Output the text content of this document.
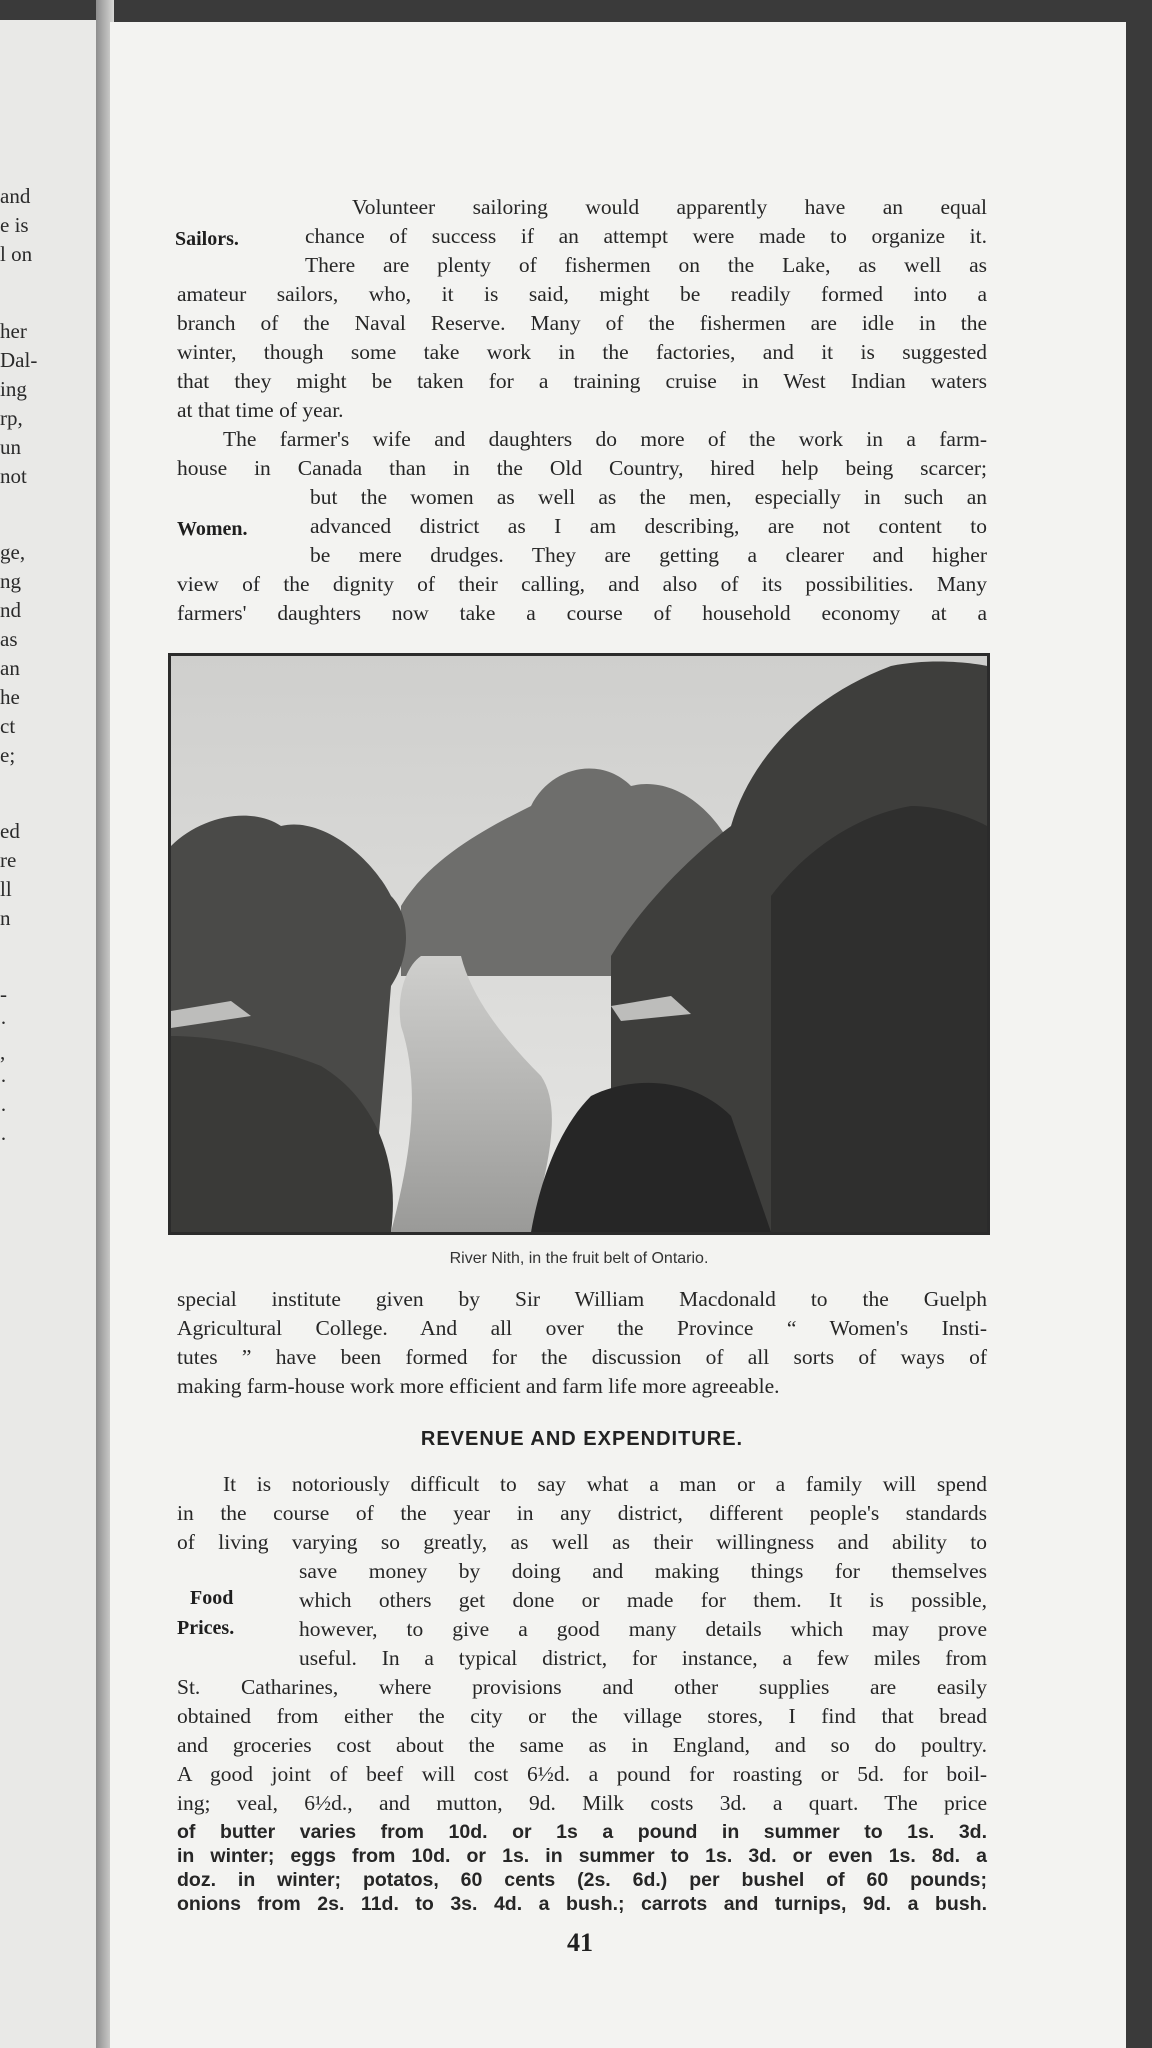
and
e is
l on
her
Dal-
ing
rp,
un
not
ge,
ng
nd
as
an
he
ct
e;
ed
re
ll
n
-
·
,
·
·
·
Sailors.

Volunteer sailoring would apparently have an equal
chance of success if an attempt were made to organize it.
There are plenty of fishermen on the Lake, as well as
amateur sailors, who, it is said, might be readily formed into a
branch of the Naval Reserve. Many of the fishermen are idle in the
winter, though some take work in the factories, and it is suggested
that they might be taken for a training cruise in West Indian waters
at that time of year.

Women.

The farmer's wife and daughters do more of the work in a farm-
house in Canada than in the Old Country, hired help being scarcer;
but the women as well as the men, especially in such an
advanced district as I am describing, are not content to
be mere drudges. They are getting a clearer and higher
view of the dignity of their calling, and also of its possibilities. Many
farmers' daughters now take a course of household economy at a

River Nith, in the fruit belt of Ontario.

special institute given by Sir William Macdonald to the Guelph
Agricultural College. And all over the Province “ Women's Insti-
tutes ” have been formed for the discussion of all sorts of ways of
making farm-house work more efficient and farm life more agreeable.

REVENUE AND EXPENDITURE.
Food
Prices.

It is notoriously difficult to say what a man or a family will spend
in the course of the year in any district, different people's standards
of living varying so greatly, as well as their willingness and ability to
save money by doing and making things for themselves
which others get done or made for them. It is possible,
however, to give a good many details which may prove
useful. In a typical district, for instance, a few miles from
St. Catharines, where provisions and other supplies are easily
obtained from either the city or the village stores, I find that bread
and groceries cost about the same as in England, and so do poultry.
A good joint of beef will cost 6½d. a pound for roasting or 5d. for boil-
ing; veal, 6½d., and mutton, 9d. Milk costs 3d. a quart. The price

of butter varies from 10d. or 1s a pound in summer to 1s. 3d.
in winter; eggs from 10d. or 1s. in summer to 1s. 3d. or even 1s. 8d. a
doz. in winter; potatos, 60 cents (2s. 6d.) per bushel of 60 pounds;
onions from 2s. 11d. to 3s. 4d. a bush.; carrots and turnips, 9d. a bush.

41
